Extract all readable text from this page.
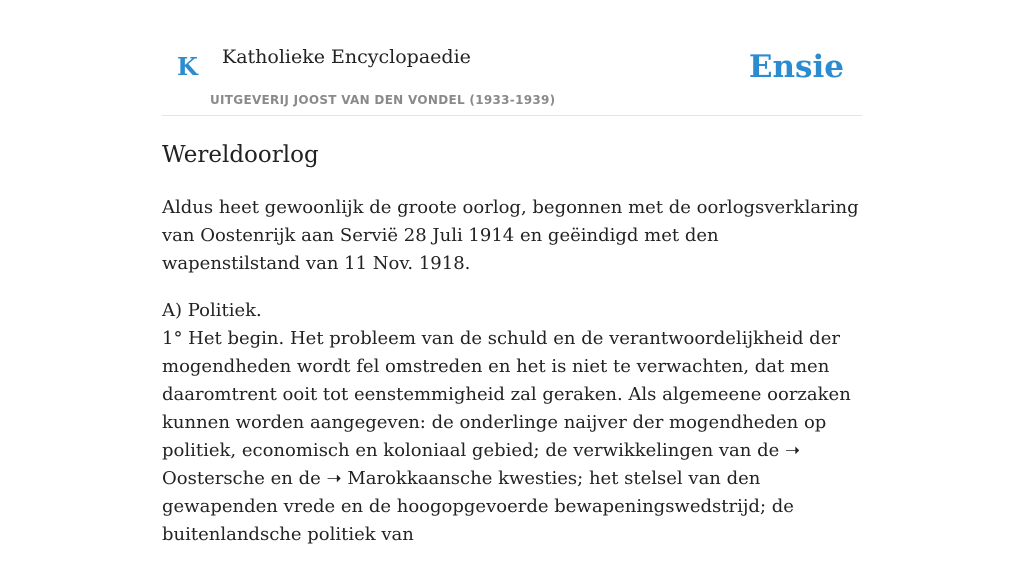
K Katholieke Encyclopaedie
UITGEVERIJ JOOST VAN DEN VONDEL (1933-1939)
Ensie
Wereldoorlog

Aldus heet gewoonlijk de groote oorlog, begonnen met de oorlogsverklaring van Oostenrijk aan Servië 28 Juli 1914 en geëindigd met den wapenstilstand van 11 Nov. 1918.

A) Politiek.
1° Het begin. Het probleem van de schuld en de verantwoordelijkheid der mogendheden wordt fel omstreden en het is niet te verwachten, dat men daaromtrent ooit tot eenstemmigheid zal geraken. Als algemeene oorzaken kunnen worden aangegeven: de onderlinge naijver der mogendheden op politiek, economisch en koloniaal gebied; de verwikkelingen van de ➝ Oostersche en de ➝ Marokkaansche kwesties; het stelsel van den gewapenden vrede en de hoogopgevoerde bewapeningswedstrijd; de buitenlandsche politiek van
